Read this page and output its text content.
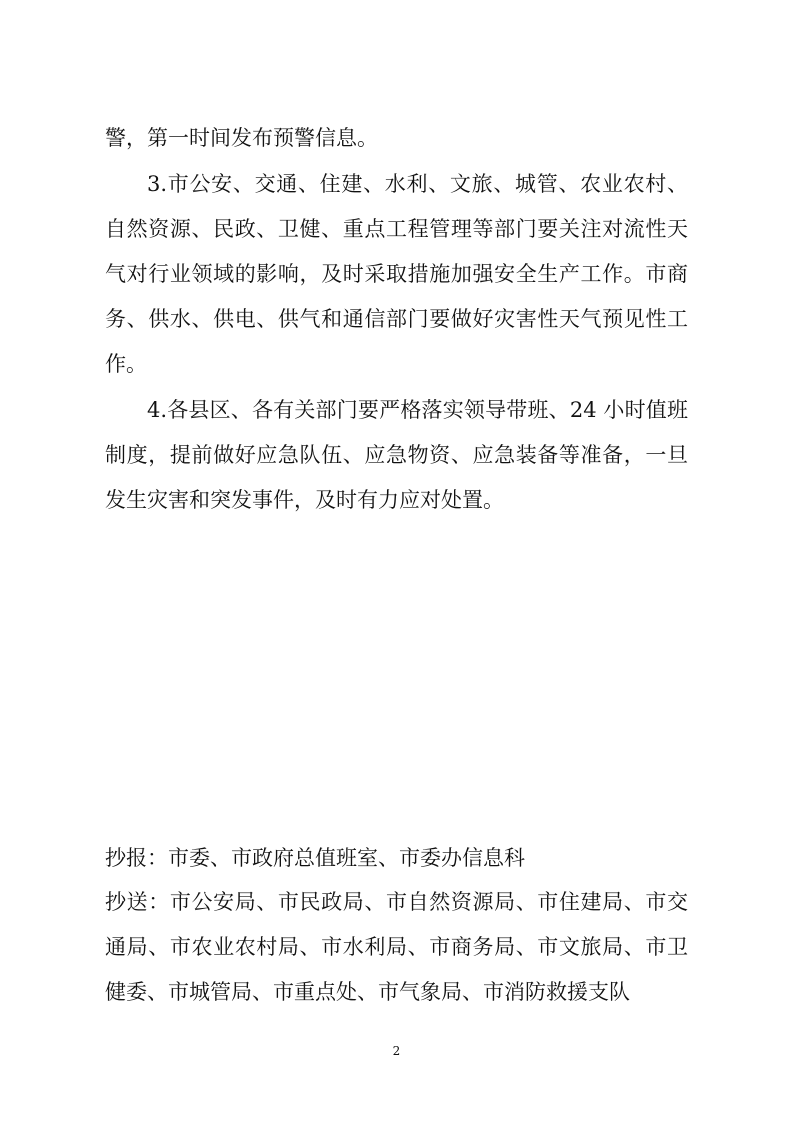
警，第一时间发布预警信息。
3.市公安、交通、住建、水利、文旅、城管、农业农村、
自然资源、民政、卫健、重点工程管理等部门要关注对流性天
气对行业领域的影响，及时采取措施加强安全生产工作。市商
务、供水、供电、供气和通信部门要做好灾害性天气预见性工
作。
4.各县区、各有关部门要严格落实领导带班、24 小时值班
制度，提前做好应急队伍、应急物资、应急装备等准备，一旦
发生灾害和突发事件，及时有力应对处置。
抄报：市委、市政府总值班室、市委办信息科
抄送：市公安局、市民政局、市自然资源局、市住建局、市交
通局、市农业农村局、市水利局、市商务局、市文旅局、市卫
健委、市城管局、市重点处、市气象局、市消防救援支队
2
